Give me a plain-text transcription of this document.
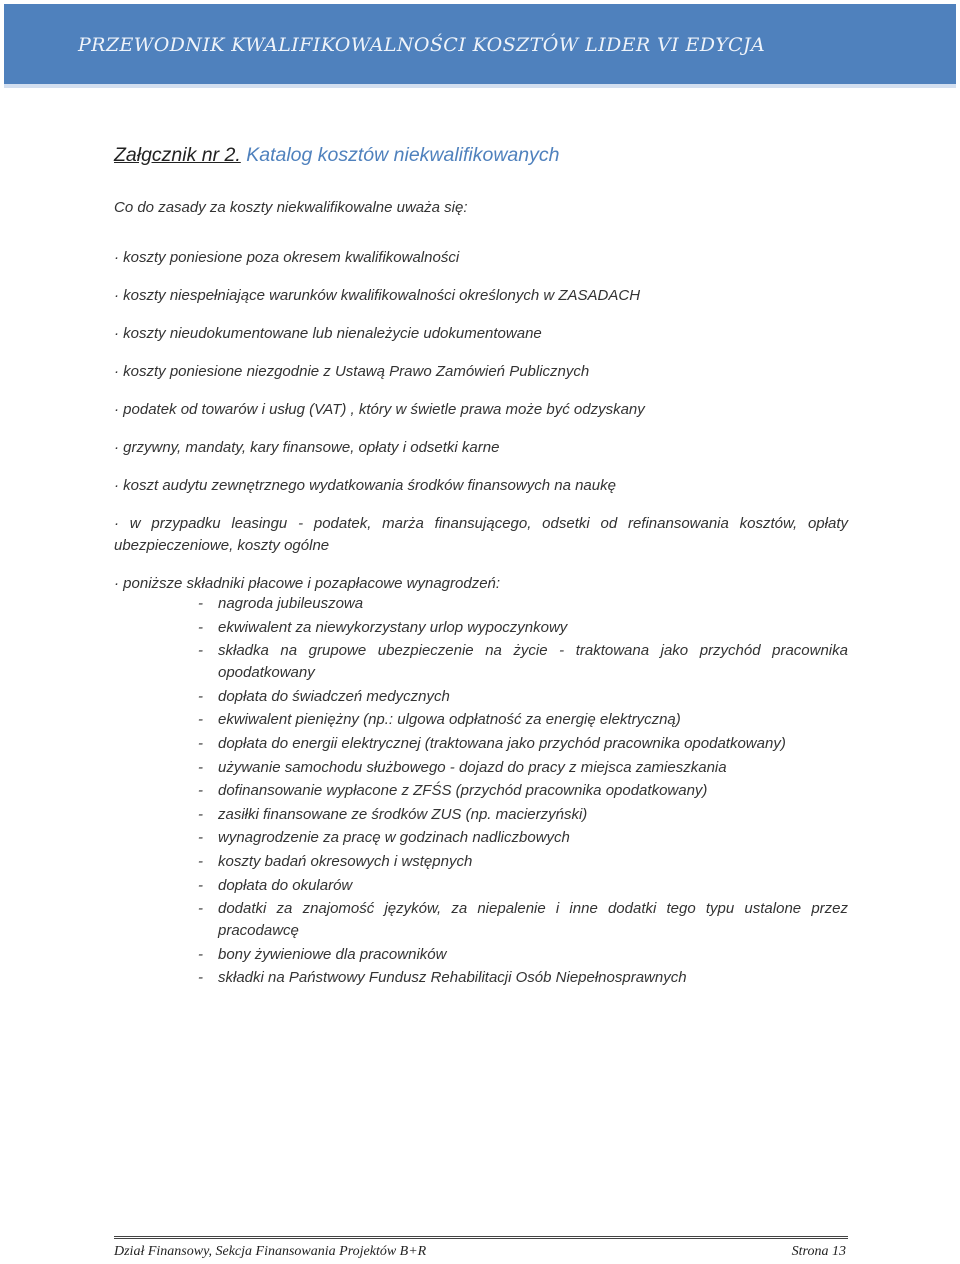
PRZEWODNIK KWALIFIKOWALNOŚCI KOSZTÓW LIDER VI EDYCJA
Załgcznik nr 2. Katalog kosztów niekwalifikowanych
Co do zasady za koszty niekwalifikowalne uważa się:
· koszty poniesione poza okresem kwalifikowalności
· koszty niespełniające warunków kwalifikowalności określonych w ZASADACH
· koszty nieudokumentowane lub nienależycie udokumentowane
· koszty poniesione niezgodnie z Ustawą Prawo Zamówień Publicznych
· podatek od towarów i usług (VAT) , który w świetle prawa może być odzyskany
· grzywny, mandaty, kary finansowe, opłaty i odsetki karne
· koszt audytu zewnętrznego wydatkowania środków finansowych na naukę
· w przypadku leasingu - podatek, marża finansującego, odsetki od refinansowania kosztów, opłaty ubezpieczeniowe, koszty ogólne
· poniższe składniki płacowe i pozapłacowe wynagrodzeń:
- nagroda jubileuszowa
- ekwiwalent za niewykorzystany urlop wypoczynkowy
- składka na grupowe ubezpieczenie na życie - traktowana jako przychód pracownika opodatkowany
- dopłata do świadczeń medycznych
- ekwiwalent pieniężny (np.: ulgowa odpłatność za energię elektryczną)
- dopłata do energii elektrycznej (traktowana jako przychód pracownika opodatkowany)
- używanie samochodu służbowego - dojazd do pracy z miejsca zamieszkania
- dofinansowanie wypłacone z ZFŚS (przychód pracownika opodatkowany)
- zasiłki finansowane ze środków ZUS (np. macierzyński)
- wynagrodzenie za pracę w godzinach nadliczbowych
- koszty badań okresowych i wstępnych
- dopłata do okularów
- dodatki za znajomość języków, za niepalenie i inne dodatki tego typu ustalone przez pracodawcę
- bony żywieniowe dla pracowników
- składki na Państwowy Fundusz Rehabilitacji Osób Niepełnosprawnych
Dział Finansowy, Sekcja Finansowania Projektów B+R	Strona 13
